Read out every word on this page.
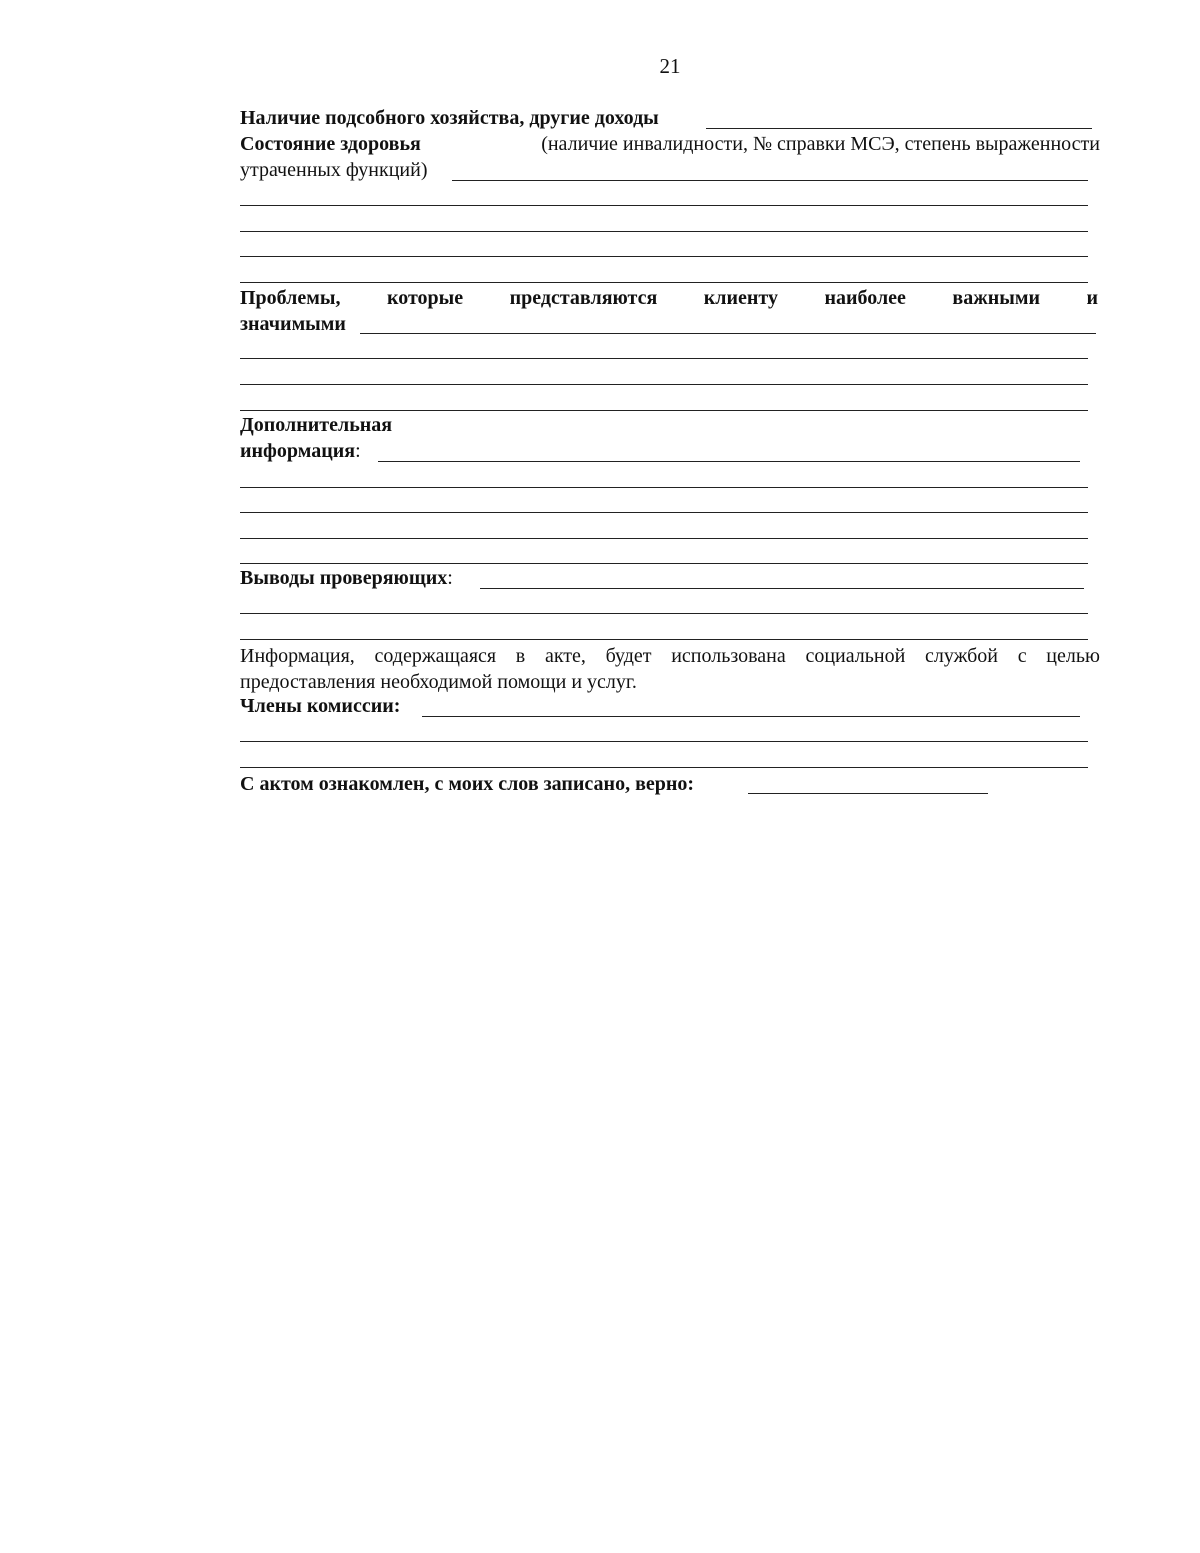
21
Наличие подсобного хозяйства, другие доходы
Состояние здоровья	(наличие инвалидности, № справки МСЭ, степень выраженности
утраченных функций)
Проблемы, которые представляются клиенту наиболее важными и
значимыми
Дополнительная
информация:
Выводы проверяющих:
Информация, содержащаяся в акте, будет использована социальной службой с целью
предоставления необходимой помощи и услуг.
Члены комиссии:
С актом ознакомлен, с моих слов записано, верно:
